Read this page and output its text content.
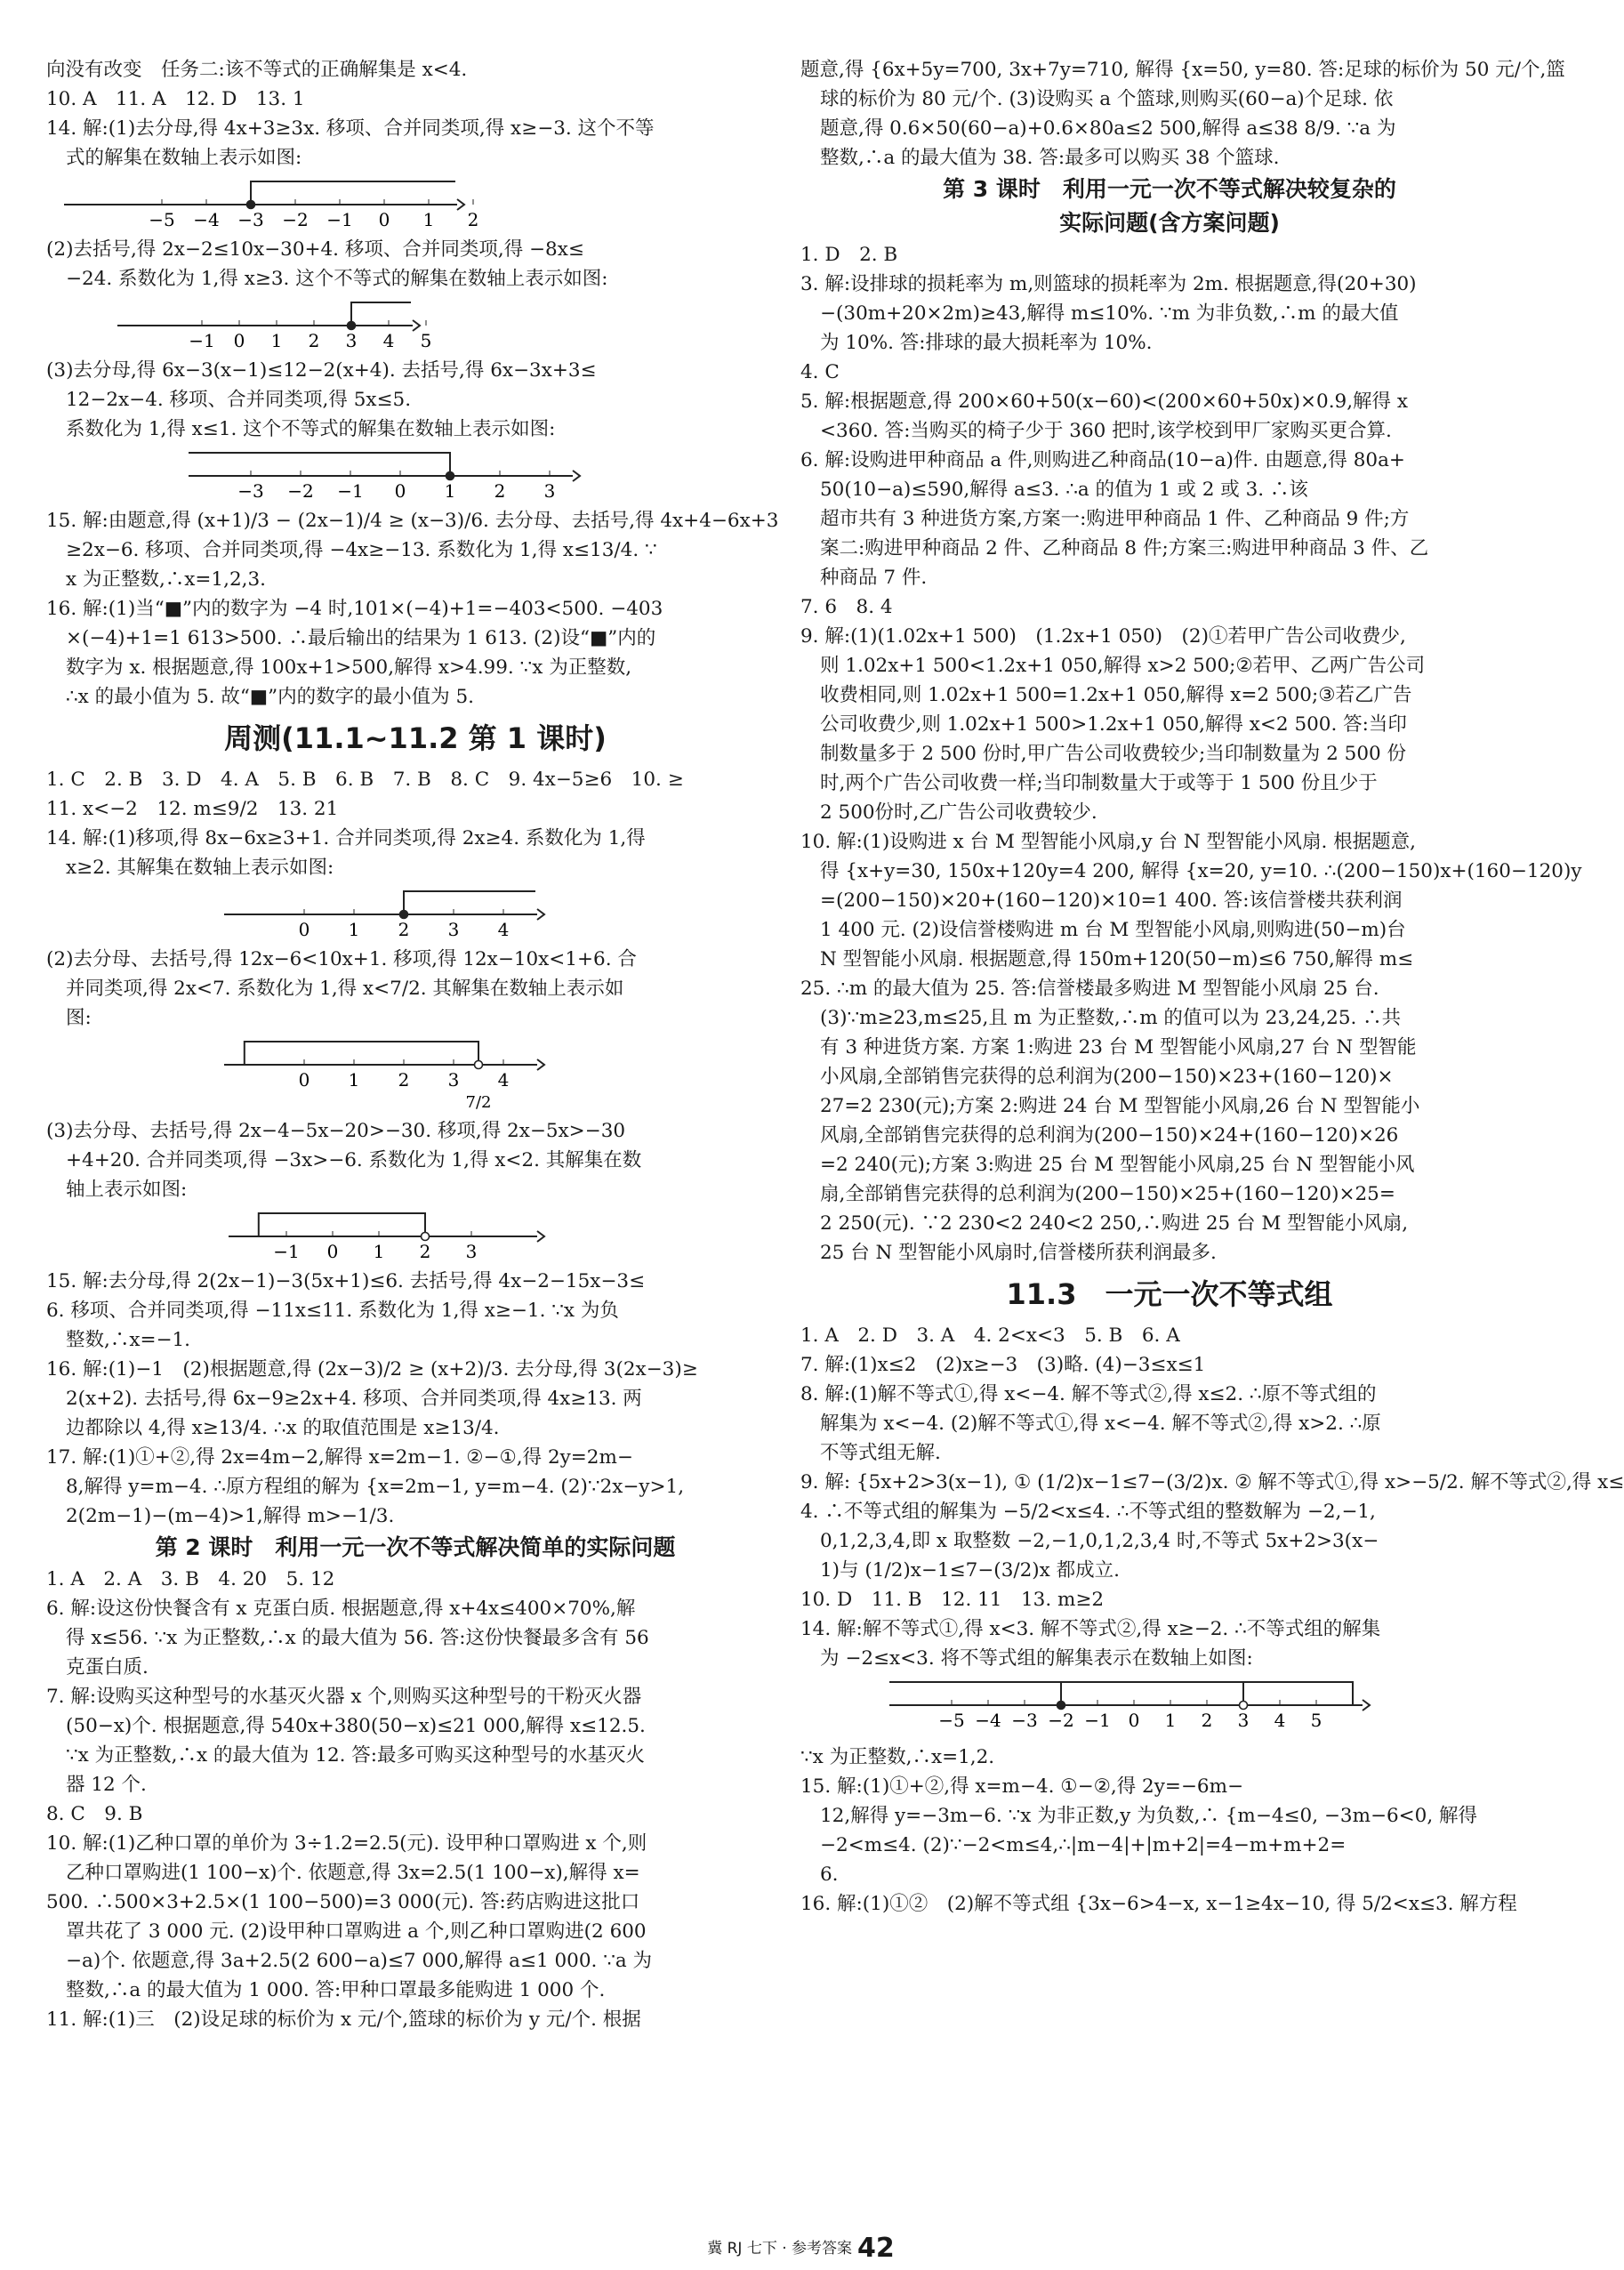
向没有改变　任务二:该不等式的正确解集是 x<4.
10. A　11. A　12. D　13. 1
14. 解:(1)去分母,得 4x+3≥3x. 移项、合并同类项,得 x≥−3. 这个不等
式的解集在数轴上表示如图:
−5 −4 −3 −2 −1 0 1 2
(2)去括号,得 2x−2≤10x−30+4. 移项、合并同类项,得 −8x≤
−24. 系数化为 1,得 x≥3. 这个不等式的解集在数轴上表示如图:
−1 0 1 2 3 4 5
(3)去分母,得 6x−3(x−1)≤12−2(x+4). 去括号,得 6x−3x+3≤
12−2x−4. 移项、合并同类项,得 5x≤5.
系数化为 1,得 x≤1. 这个不等式的解集在数轴上表示如图:
−3 −2 −1 0 1 2 3
15. 解:由题意,得 (x+1)/3 − (2x−1)/4 ≥ (x−3)/6. 去分母、去括号,得 4x+4−6x+3
≥2x−6. 移项、合并同类项,得 −4x≥−13. 系数化为 1,得 x≤13/4. ∵
x 为正整数,∴x=1,2,3.
16. 解:(1)当“■”内的数字为 −4 时,101×(−4)+1=−403<500. −403
×(−4)+1=1 613>500. ∴最后输出的结果为 1 613. (2)设“■”内的
数字为 x. 根据题意,得 100x+1>500,解得 x>4.99. ∵x 为正整数,
∴x 的最小值为 5. 故“■”内的数字的最小值为 5.
周测(11.1~11.2 第 1 课时)
1. C　2. B　3. D　4. A　5. B　6. B　7. B　8. C　9. 4x−5≥6　10. ≥
11. x<−2　12. m≤9/2　13. 21
14. 解:(1)移项,得 8x−6x≥3+1. 合并同类项,得 2x≥4. 系数化为 1,得
x≥2. 其解集在数轴上表示如图:
0 1 2 3 4
(2)去分母、去括号,得 12x−6<10x+1. 移项,得 12x−10x<1+6. 合
并同类项,得 2x<7. 系数化为 1,得 x<7/2. 其解集在数轴上表示如
图:
0 1 2 3 4
7/2
(3)去分母、去括号,得 2x−4−5x−20>−30. 移项,得 2x−5x>−30
+4+20. 合并同类项,得 −3x>−6. 系数化为 1,得 x<2. 其解集在数
轴上表示如图:
−1 0 1 2 3
15. 解:去分母,得 2(2x−1)−3(5x+1)≤6. 去括号,得 4x−2−15x−3≤
6. 移项、合并同类项,得 −11x≤11. 系数化为 1,得 x≥−1. ∵x 为负
整数,∴x=−1.
16. 解:(1)−1　(2)根据题意,得 (2x−3)/2 ≥ (x+2)/3. 去分母,得 3(2x−3)≥
2(x+2). 去括号,得 6x−9≥2x+4. 移项、合并同类项,得 4x≥13. 两
边都除以 4,得 x≥13/4. ∴x 的取值范围是 x≥13/4.
17. 解:(1)①+②,得 2x=4m−2,解得 x=2m−1. ②−①,得 2y=2m−
8,解得 y=m−4. ∴原方程组的解为 {x=2m−1, y=m−4. (2)∵2x−y>1,
2(2m−1)−(m−4)>1,解得 m>−1/3.
第 2 课时　利用一元一次不等式解决简单的实际问题
1. A　2. A　3. B　4. 20　5. 12
6. 解:设这份快餐含有 x 克蛋白质. 根据题意,得 x+4x≤400×70%,解
得 x≤56. ∵x 为正整数,∴x 的最大值为 56. 答:这份快餐最多含有 56
克蛋白质.
7. 解:设购买这种型号的水基灭火器 x 个,则购买这种型号的干粉灭火器
(50−x)个. 根据题意,得 540x+380(50−x)≤21 000,解得 x≤12.5.
∵x 为正整数,∴x 的最大值为 12. 答:最多可购买这种型号的水基灭火
器 12 个.
8. C　9. B
10. 解:(1)乙种口罩的单价为 3÷1.2=2.5(元). 设甲种口罩购进 x 个,则
乙种口罩购进(1 100−x)个. 依题意,得 3x=2.5(1 100−x),解得 x=
500. ∴500×3+2.5×(1 100−500)=3 000(元). 答:药店购进这批口
罩共花了 3 000 元. (2)设甲种口罩购进 a 个,则乙种口罩购进(2 600
−a)个. 依题意,得 3a+2.5(2 600−a)≤7 000,解得 a≤1 000. ∵a 为
整数,∴a 的最大值为 1 000. 答:甲种口罩最多能购进 1 000 个.
11. 解:(1)三　(2)设足球的标价为 x 元/个,篮球的标价为 y 元/个. 根据
题意,得 {6x+5y=700, 3x+7y=710, 解得 {x=50, y=80. 答:足球的标价为 50 元/个,篮
球的标价为 80 元/个. (3)设购买 a 个篮球,则购买(60−a)个足球. 依
题意,得 0.6×50(60−a)+0.6×80a≤2 500,解得 a≤38 8/9. ∵a 为
整数,∴a 的最大值为 38. 答:最多可以购买 38 个篮球.
第 3 课时　利用一元一次不等式解决较复杂的
实际问题(含方案问题)
1. D　2. B
3. 解:设排球的损耗率为 m,则篮球的损耗率为 2m. 根据题意,得(20+30)
−(30m+20×2m)≥43,解得 m≤10%. ∵m 为非负数,∴m 的最大值
为 10%. 答:排球的最大损耗率为 10%.
4. C
5. 解:根据题意,得 200×60+50(x−60)<(200×60+50x)×0.9,解得 x
<360. 答:当购买的椅子少于 360 把时,该学校到甲厂家购买更合算.
6. 解:设购进甲种商品 a 件,则购进乙种商品(10−a)件. 由题意,得 80a+
50(10−a)≤590,解得 a≤3. ∴a 的值为 1 或 2 或 3. ∴该
超市共有 3 种进货方案,方案一:购进甲种商品 1 件、乙种商品 9 件;方
案二:购进甲种商品 2 件、乙种商品 8 件;方案三:购进甲种商品 3 件、乙
种商品 7 件.
7. 6　8. 4
9. 解:(1)(1.02x+1 500)　(1.2x+1 050)　(2)①若甲广告公司收费少,
则 1.02x+1 500<1.2x+1 050,解得 x>2 500;②若甲、乙两广告公司
收费相同,则 1.02x+1 500=1.2x+1 050,解得 x=2 500;③若乙广告
公司收费少,则 1.02x+1 500>1.2x+1 050,解得 x<2 500. 答:当印
制数量多于 2 500 份时,甲广告公司收费较少;当印制数量为 2 500 份
时,两个广告公司收费一样;当印制数量大于或等于 1 500 份且少于
2 500份时,乙广告公司收费较少.
10. 解:(1)设购进 x 台 M 型智能小风扇,y 台 N 型智能小风扇. 根据题意,
得 {x+y=30, 150x+120y=4 200, 解得 {x=20, y=10. ∴(200−150)x+(160−120)y
=(200−150)×20+(160−120)×10=1 400. 答:该信誉楼共获利润
1 400 元. (2)设信誉楼购进 m 台 M 型智能小风扇,则购进(50−m)台
N 型智能小风扇. 根据题意,得 150m+120(50−m)≤6 750,解得 m≤
25. ∴m 的最大值为 25. 答:信誉楼最多购进 M 型智能小风扇 25 台.
(3)∵m≥23,m≤25,且 m 为正整数,∴m 的值可以为 23,24,25. ∴共
有 3 种进货方案. 方案 1:购进 23 台 M 型智能小风扇,27 台 N 型智能
小风扇,全部销售完获得的总利润为(200−150)×23+(160−120)×
27=2 230(元);方案 2:购进 24 台 M 型智能小风扇,26 台 N 型智能小
风扇,全部销售完获得的总利润为(200−150)×24+(160−120)×26
=2 240(元);方案 3:购进 25 台 M 型智能小风扇,25 台 N 型智能小风
扇,全部销售完获得的总利润为(200−150)×25+(160−120)×25=
2 250(元). ∵2 230<2 240<2 250,∴购进 25 台 M 型智能小风扇,
25 台 N 型智能小风扇时,信誉楼所获利润最多.
11.3　一元一次不等式组
1. A　2. D　3. A　4. 2<x<3　5. B　6. A
7. 解:(1)x≤2　(2)x≥−3　(3)略. (4)−3≤x≤1
8. 解:(1)解不等式①,得 x<−4. 解不等式②,得 x≤2. ∴原不等式组的
解集为 x<−4. (2)解不等式①,得 x<−4. 解不等式②,得 x>2. ∴原
不等式组无解.
9. 解: {5x+2>3(x−1), ① (1/2)x−1≤7−(3/2)x. ② 解不等式①,得 x>−5/2. 解不等式②,得 x≤
4. ∴不等式组的解集为 −5/2<x≤4. ∴不等式组的整数解为 −2,−1,
0,1,2,3,4,即 x 取整数 −2,−1,0,1,2,3,4 时,不等式 5x+2>3(x−
1)与 (1/2)x−1≤7−(3/2)x 都成立.
10. D　11. B　12. 11　13. m≥2
14. 解:解不等式①,得 x<3. 解不等式②,得 x≥−2. ∴不等式组的解集
为 −2≤x<3. 将不等式组的解集表示在数轴上如图:
−5 −4 −3 −2 −1 0 1 2 3 4 5
∵x 为正整数,∴x=1,2.
15. 解:(1)①+②,得 x=m−4. ①−②,得 2y=−6m−
12,解得 y=−3m−6. ∵x 为非正数,y 为负数,∴ {m−4≤0, −3m−6<0, 解得
−2<m≤4. (2)∵−2<m≤4,∴|m−4|+|m+2|=4−m+m+2=
6.
16. 解:(1)①②　(2)解不等式组 {3x−6>4−x, x−1≥4x−10, 得 5/2<x≤3. 解方程
冀 RJ 七下 · 参考答案 42
